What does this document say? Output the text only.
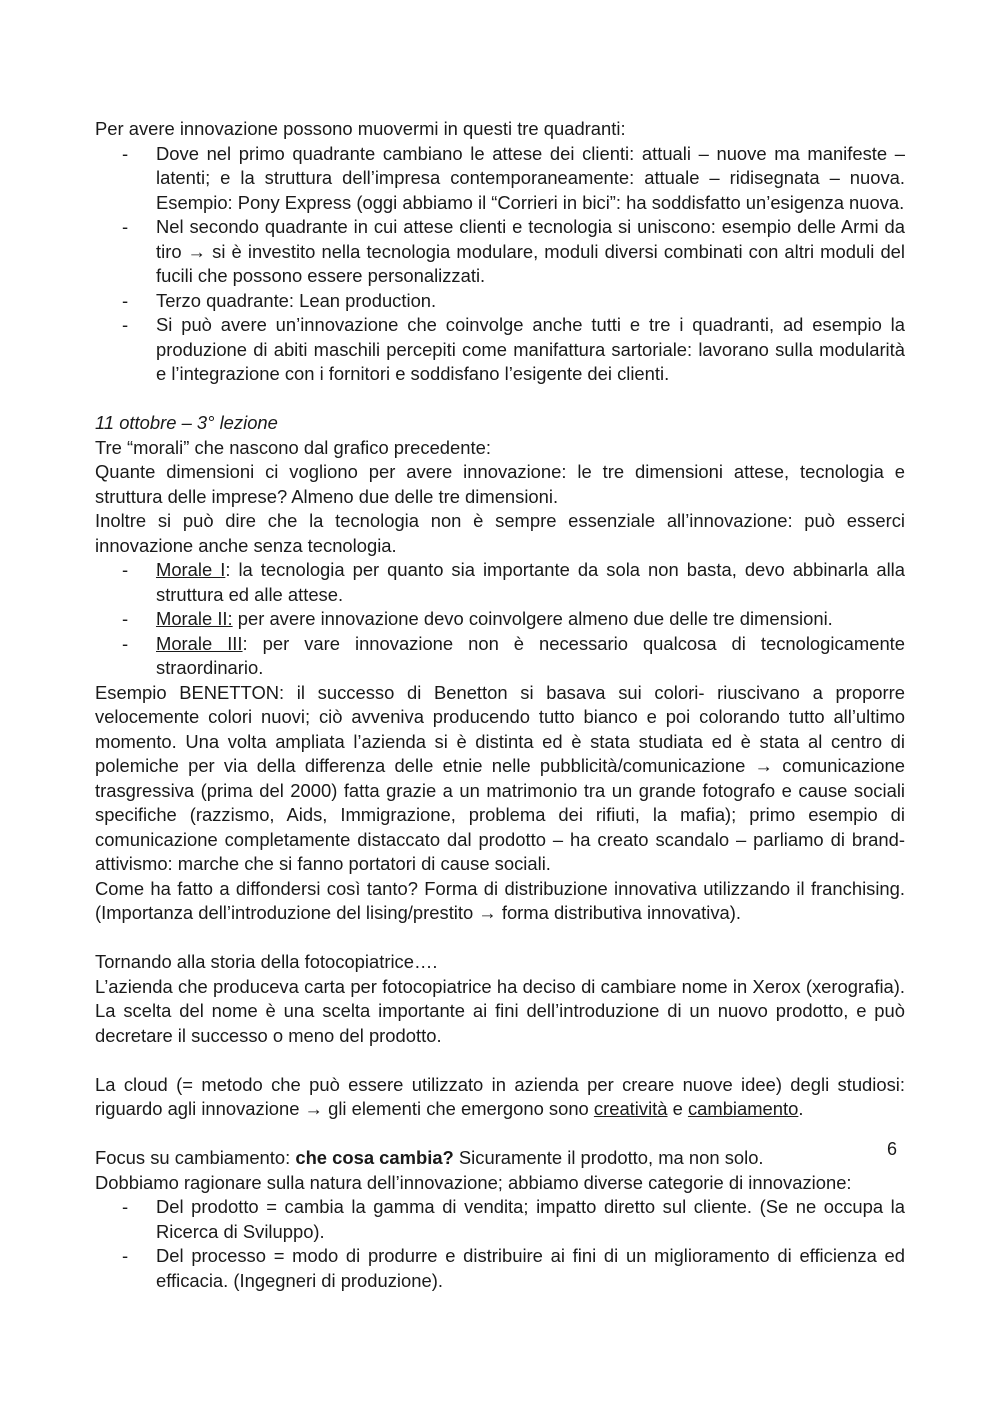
Per avere innovazione possono muovermi in questi tre quadranti:

- Dove nel primo quadrante cambiano le attese dei clienti: attuali – nuove ma manifeste – latenti; e la struttura dell’impresa contemporaneamente: attuale – ridisegnata – nuova. Esempio: Pony Express (oggi abbiamo il “Corrieri in bici”: ha soddisfatto un’esigenza nuova.
- Nel secondo quadrante in cui attese clienti e tecnologia si uniscono: esempio delle Armi da tiro → si è investito nella tecnologia modulare, moduli diversi combinati con altri moduli del fucili che possono essere personalizzati.
- Terzo quadrante: Lean production.
- Si può avere un’innovazione che coinvolge anche tutti e tre i quadranti, ad esempio la produzione di abiti maschili percepiti come manifattura sartoriale: lavorano sulla modularità e l’integrazione con i fornitori e soddisfano l’esigente dei clienti.

11 ottobre – 3° lezione

Tre “morali” che nascono dal grafico precedente:

Quante dimensioni ci vogliono per avere innovazione: le tre dimensioni attese, tecnologia e struttura delle imprese? Almeno due delle tre dimensioni.

Inoltre si può dire che la tecnologia non è sempre essenziale all’innovazione: può esserci innovazione anche senza tecnologia.

- Morale I: la tecnologia per quanto sia importante da sola non basta, devo abbinarla alla struttura ed alle attese.
- Morale II: per avere innovazione devo coinvolgere almeno due delle tre dimensioni.
- Morale III: per vare innovazione non è necessario qualcosa di tecnologicamente straordinario.

Esempio BENETTON: il successo di Benetton si basava sui colori- riuscivano a proporre velocemente colori nuovi; ciò avveniva producendo tutto bianco e poi colorando tutto all’ultimo momento. Una volta ampliata l’azienda si è distinta ed è stata studiata ed è stata al centro di polemiche per via della differenza delle etnie nelle pubblicità/comunicazione → comunicazione trasgressiva (prima del 2000) fatta grazie a un matrimonio tra un grande fotografo e cause sociali specifiche (razzismo, Aids, Immigrazione, problema dei rifiuti, la mafia); primo esempio di comunicazione completamente distaccato dal prodotto – ha creato scandalo – parliamo di brand-attivismo: marche che si fanno portatori di cause sociali.

Come ha fatto a diffondersi così tanto? Forma di distribuzione innovativa utilizzando il franchising. (Importanza dell’introduzione del lising/prestito → forma distributiva innovativa).

Tornando alla storia della fotocopiatrice….

L’azienda che produceva carta per fotocopiatrice ha deciso di cambiare nome in Xerox (xerografia). La scelta del nome è una scelta importante ai fini dell’introduzione di un nuovo prodotto, e può decretare il successo o meno del prodotto.

La cloud (= metodo che può essere utilizzato in azienda per creare nuove idee) degli studiosi: riguardo agli innovazione → gli elementi che emergono sono creatività e cambiamento.

Focus su cambiamento: che cosa cambia? Sicuramente il prodotto, ma non solo.

Dobbiamo ragionare sulla natura dell’innovazione; abbiamo diverse categorie di innovazione:

- Del prodotto = cambia la gamma di vendita; impatto diretto sul cliente. (Se ne occupa la Ricerca di Sviluppo).
- Del processo = modo di produrre e distribuire ai fini di un miglioramento di efficienza ed efficacia. (Ingegneri di produzione).
6
